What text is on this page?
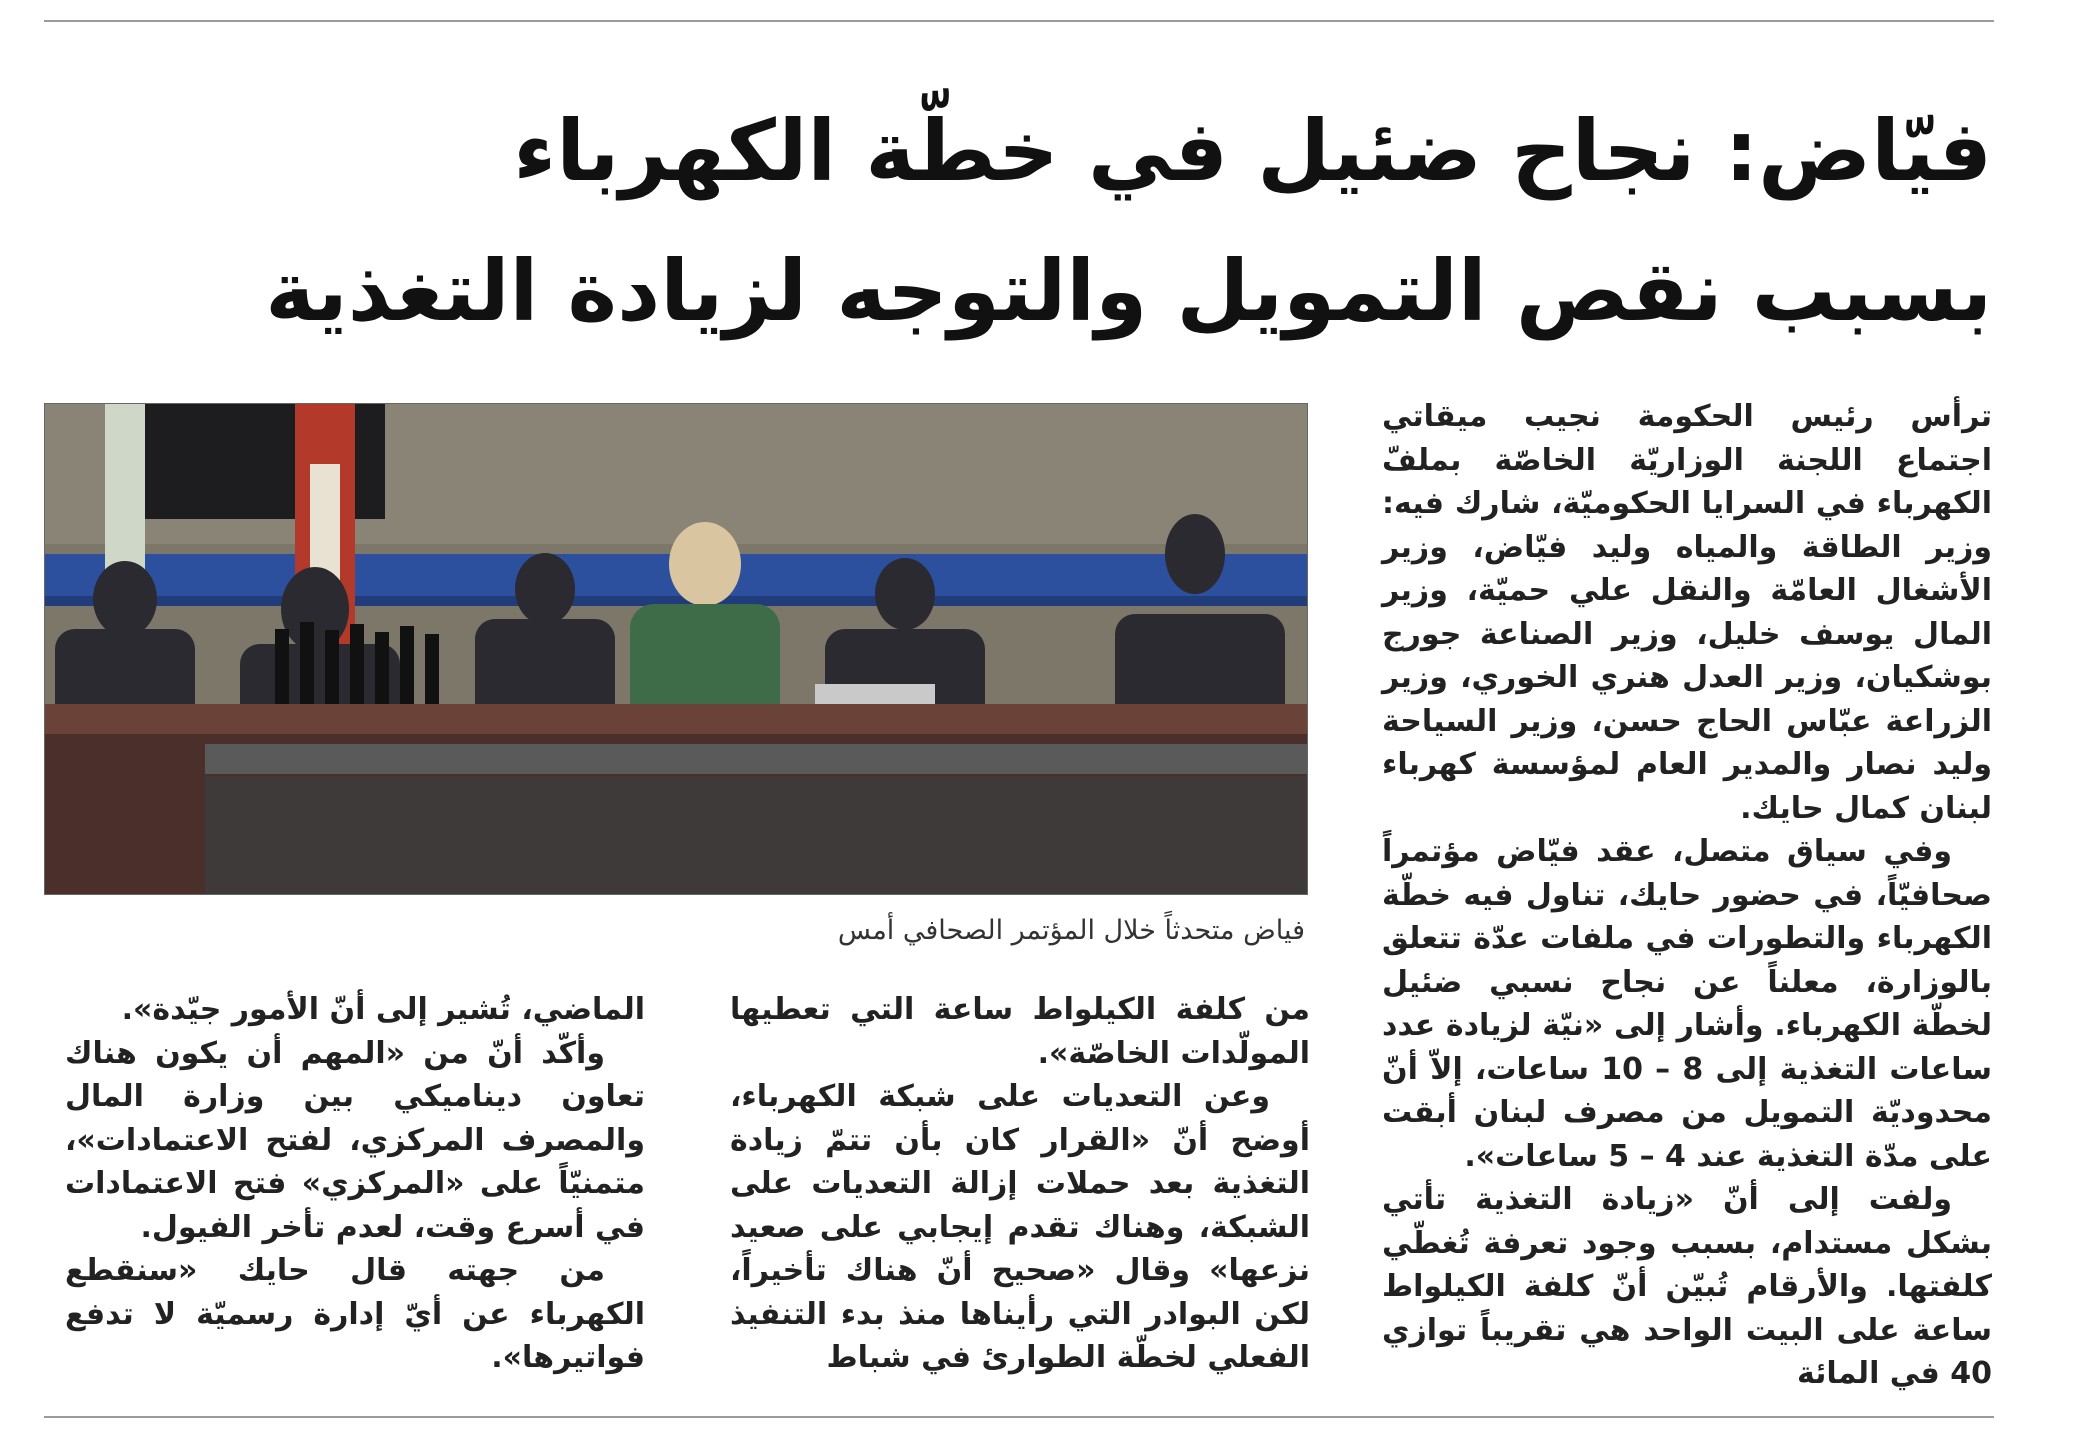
فيّاض: نجاح ضئيل في خطّة الكهرباء
بسبب نقص التمويل والتوجه لزيادة التغذية

ترأس رئيس الحكومة نجيب ميقاتي اجتماع اللجنة الوزاريّة الخاصّة بملفّ الكهرباء في السرايا الحكوميّة، شارك فيه: وزير الطاقة والمياه وليد فيّاض، وزير الأشغال العامّة والنقل علي حميّة، وزير المال يوسف خليل، وزير الصناعة جورج بوشكيان، وزير العدل هنري الخوري، وزير الزراعة عبّاس الحاج حسن، وزير السياحة وليد نصار والمدير العام لمؤسسة كهرباء لبنان كمال حايك.

وفي سياق متصل، عقد فيّاض مؤتمراً صحافيّاً، في حضور حايك، تناول فيه خطّة الكهرباء والتطورات في ملفات عدّة تتعلق بالوزارة، معلناً عن نجاح نسبي ضئيل لخطّة الكهرباء. وأشار إلى «نيّة لزيادة عدد ساعات التغذية إلى 8 – 10 ساعات، إلاّ أنّ محدوديّة التمويل من مصرف لبنان أبقت على مدّة التغذية عند 4 – 5 ساعات».

ولفت إلى أنّ «زيادة التغذية تأتي بشكل مستدام، بسبب وجود تعرفة تُغطّي كلفتها. والأرقام تُبيّن أنّ كلفة الكيلواط ساعة على البيت الواحد هي تقريباً توازي 40 في المائة

فياض متحدثاً خلال المؤتمر الصحافي أمس

من كلفة الكيلواط ساعة التي تعطيها المولّدات الخاصّة».

وعن التعديات على شبكة الكهرباء، أوضح أنّ «القرار كان بأن تتمّ زيادة التغذية بعد حملات إزالة التعديات على الشبكة، وهناك تقدم إيجابي على صعيد نزعها» وقال «صحيح أنّ هناك تأخيراً، لكن البوادر التي رأيناها منذ بدء التنفيذ الفعلي لخطّة الطوارئ في شباط

الماضي، تُشير إلى أنّ الأمور جيّدة».

وأكّد أنّ من «المهم أن يكون هناك تعاون ديناميكي بين وزارة المال والمصرف المركزي، لفتح الاعتمادات»، متمنيّاً على «المركزي» فتح الاعتمادات في أسرع وقت، لعدم تأخر الفيول.

من جهته قال حايك «سنقطع الكهرباء عن أيّ إدارة رسميّة لا تدفع فواتيرها».
